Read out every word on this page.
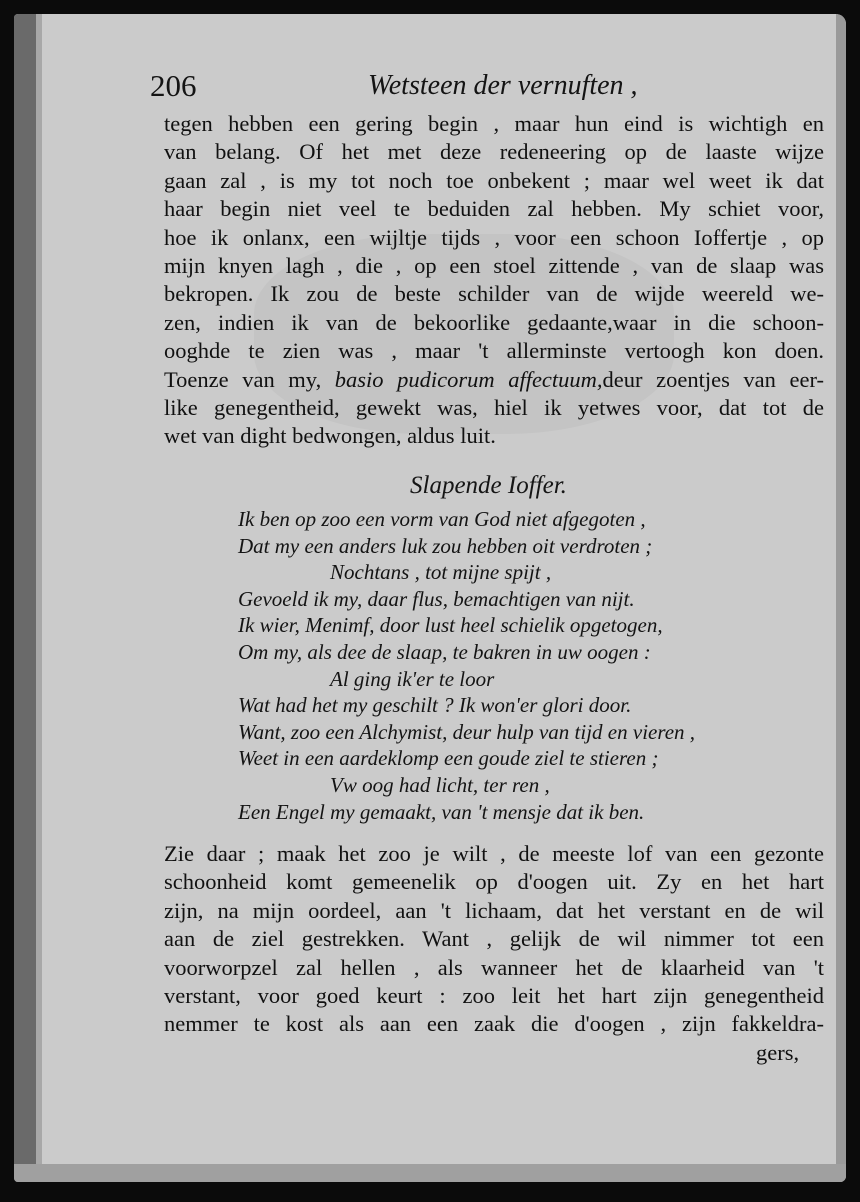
206	Wetsteen der vernuften ,
tegen hebben een gering begin , maar hun eind is wichtigh en
van belang. Of het met deze redeneering op de laaste wijze
gaan zal , is my tot noch toe onbekent ; maar wel weet ik dat
haar begin niet veel te beduiden zal hebben. My schiet voor,
hoe ik onlanx, een wijltje tijds , voor een schoon Ioffertje , op
mijn knyen lagh , die , op een stoel zittende , van de slaap was
bekropen. Ik zou de beste schilder van de wijde weereld we-
zen, indien ik van de bekoorlike gedaante,waar in die schoon-
ooghde te zien was , maar 't allerminste vertoogh kon doen.
Toenze van my, basio pudicorum affectuum,deur zoentjes van eer-
like genegentheid, gewekt was, hiel ik yetwes voor, dat tot de
wet van dight bedwongen, aldus luit.
Slapende Ioffer.
Ik ben op zoo een vorm van God niet afgegoten ,
Dat my een anders luk zou hebben oit verdroten ;
Nochtans , tot mijne spijt ,
Gevoeld ik my, daar flus, bemachtigen van nijt.
Ik wier, Menimf, door lust heel schielik opgetogen,
Om my, als dee de slaap, te bakren in uw oogen :
Al ging ik'er te loor
Wat had het my geschilt ? Ik won'er glori door.
Want, zoo een Alchymist, deur hulp van tijd en vieren ,
Weet in een aardeklomp een goude ziel te stieren ;
Vw oog had licht, ter ren ,
Een Engel my gemaakt, van 't mensje dat ik ben.
Zie daar ; maak het zoo je wilt , de meeste lof van een gezonte
schoonheid komt gemeenelik op d'oogen uit. Zy en het hart
zijn, na mijn oordeel, aan 't lichaam, dat het verstant en de wil
aan de ziel gestrekken. Want , gelijk de wil nimmer tot een
voorworpzel zal hellen , als wanneer het de klaarheid van 't
verstant, voor goed keurt : zoo leit het hart zijn genegentheid
nemmer te kost als aan een zaak die d'oogen , zijn fakkeldra-
gers,
